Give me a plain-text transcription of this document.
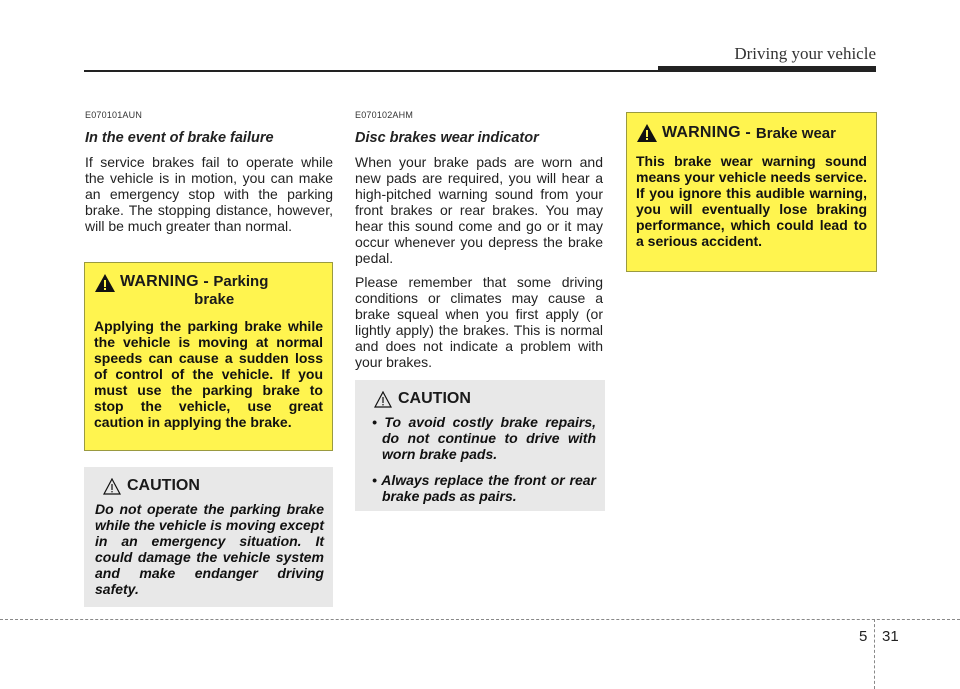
Driving your vehicle

E070101AUN

In the event of brake failure

If service brakes fail to operate while the vehicle is in motion, you can make an emergency stop with the parking brake. The stopping distance, however, will be much greater than normal.

WARNING - Parking

brake
Applying the parking brake while the vehicle is moving at normal speeds can cause a sudden loss of control of the vehicle. If you must use the parking brake to stop the vehicle, use great caution in applying the brake.
CAUTION
Do not operate the parking brake while the vehicle is moving except in an emergency situation. It could damage the vehicle system and make endanger driving safety.

E070102AHM

Disc brakes wear indicator

When your brake pads are worn and new pads are required, you will hear a high-pitched warning sound from your front brakes or rear brakes. You may hear this sound come and go or it may occur whenever you depress the brake pedal.

Please remember that some driving conditions or climates may cause a brake squeal when you first apply (or lightly apply) the brakes. This is normal and does not indicate a problem with your brakes.

CAUTION
• To avoid costly brake repairs, do not continue to drive with worn brake pads.
• Always replace the front or rear brake pads as pairs.
WARNING - Brake wear
This brake wear warning sound means your vehicle needs service. If you ignore this audible warning, you will eventually lose braking performance, which could lead to a serious accident.
5 31
